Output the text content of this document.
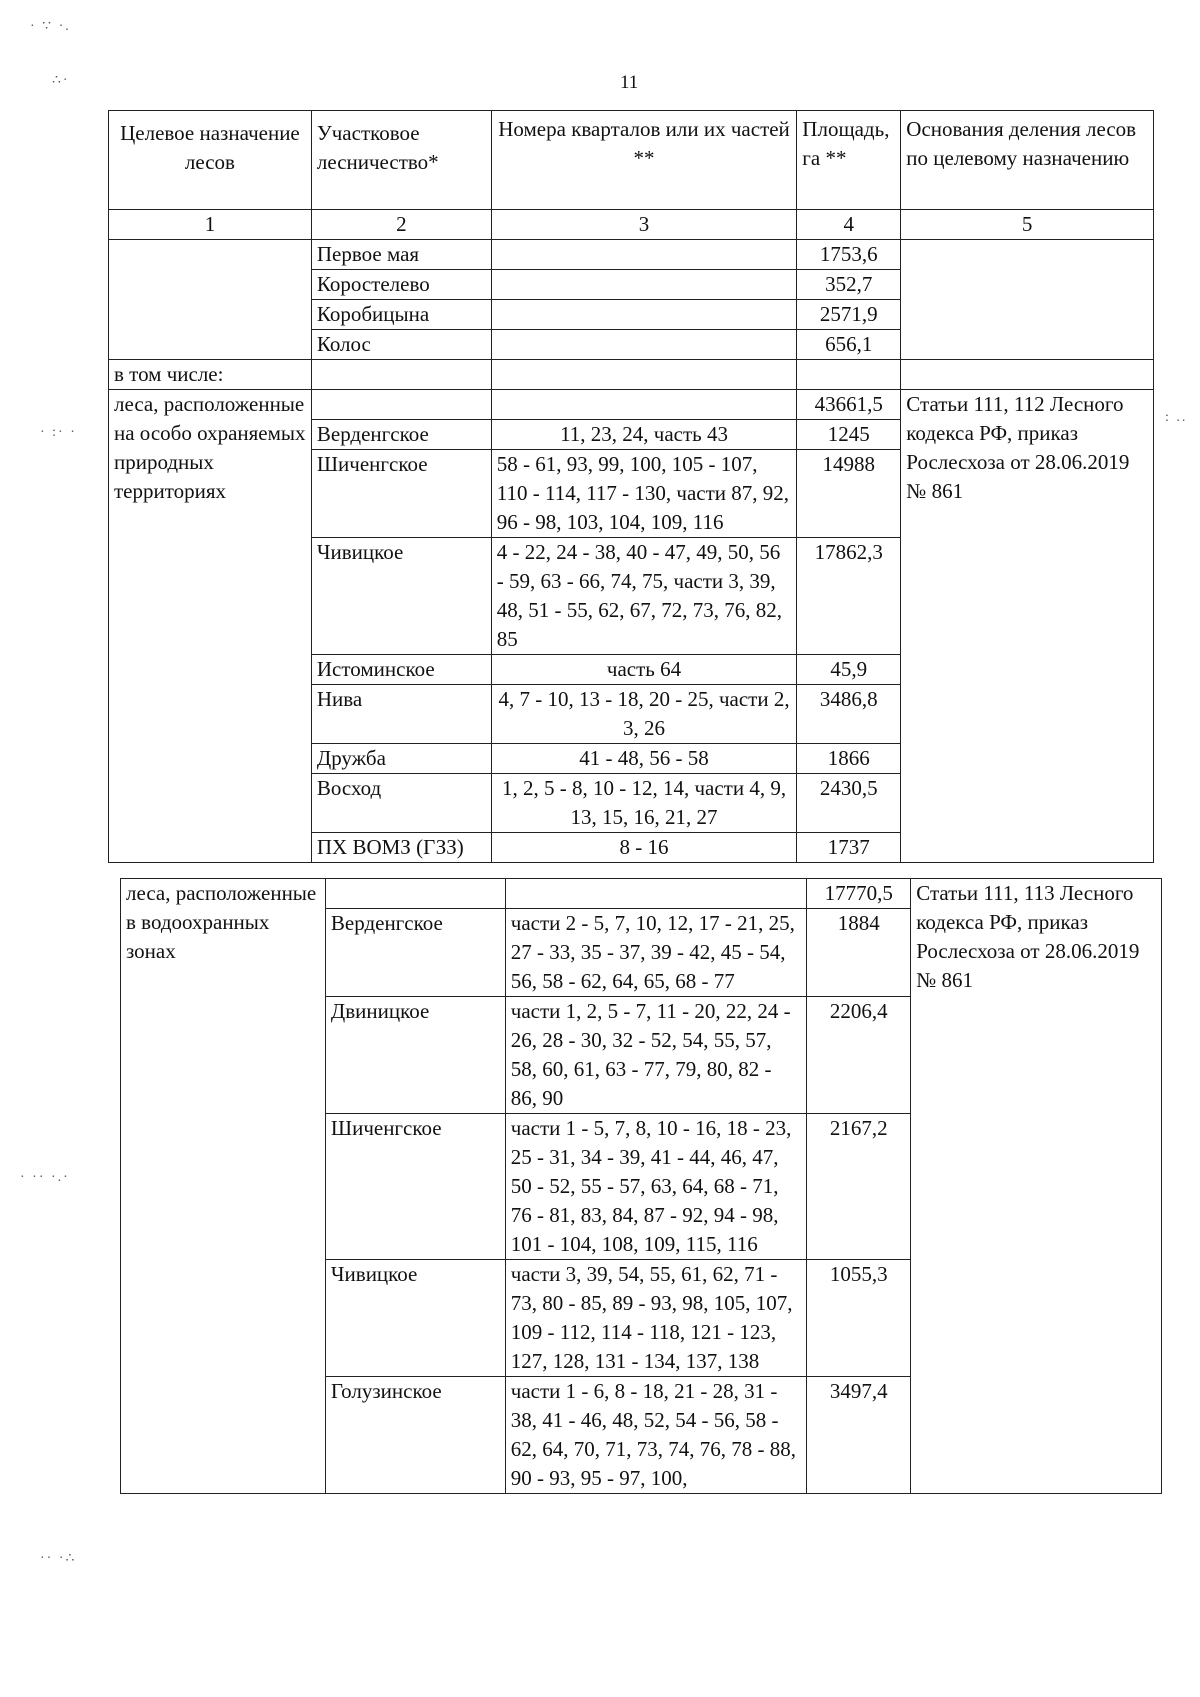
11
· ∵ ·.
∴·
· :· ·
· ·· ·.·
·· ·∴
: ..
Целевое назначение лесов	Участковое лесничество*	Номера кварталов или их частей **	Площадь, га **	Основания деления лесов по целевому назначению
1	2	3	4	5
	Первое мая		1753,6	
	Коростелево		352,7	
	Коробицына		2571,9	
	Колос		656,1	
в том числе:				
леса, расположенные на особо охраняемых природных территориях			43661,5	Статьи 111, 112 Лесного кодекса РФ, приказ Рослесхоза от 28.06.2019 № 861
	Верденгское	11, 23, 24, часть 43	1245	
	Шиченгское	58 - 61, 93, 99, 100, 105 - 107, 110 - 114, 117 - 130, части 87, 92, 96 - 98, 103, 104, 109, 116	14988	
	Чивицкое	4 - 22, 24 - 38, 40 - 47, 49, 50, 56 - 59, 63 - 66, 74, 75, части 3, 39, 48, 51 - 55, 62, 67, 72, 73, 76, 82, 85	17862,3	
	Истоминское	часть 64	45,9	
	Нива	4, 7 - 10, 13 - 18, 20 - 25, части 2, 3, 26	3486,8	
	Дружба	41 - 48, 56 - 58	1866	
	Восход	1, 2, 5 - 8, 10 - 12, 14, части 4, 9, 13, 15, 16, 21, 27	2430,5	
	ПХ ВОМЗ (ГЗЗ)	8 - 16	1737	
леса, расположенные в водоохранных зонах			17770,5	Статьи 111, 113 Лесного кодекса РФ, приказ Рослесхоза от 28.06.2019 № 861
	Верденгское	части 2 - 5, 7, 10, 12, 17 - 21, 25, 27 - 33, 35 - 37, 39 - 42, 45 - 54, 56, 58 - 62, 64, 65, 68 - 77	1884	
	Двиницкое	части 1, 2, 5 - 7, 11 - 20, 22, 24 - 26, 28 - 30, 32 - 52, 54, 55, 57, 58, 60, 61, 63 - 77, 79, 80, 82 - 86, 90	2206,4	
	Шиченгское	части 1 - 5, 7, 8, 10 - 16, 18 - 23, 25 - 31, 34 - 39, 41 - 44, 46, 47, 50 - 52, 55 - 57, 63, 64, 68 - 71, 76 - 81, 83, 84, 87 - 92, 94 - 98, 101 - 104, 108, 109, 115, 116	2167,2	
	Чивицкое	части 3, 39, 54, 55, 61, 62, 71 - 73, 80 - 85, 89 - 93, 98, 105, 107, 109 - 112, 114 - 118, 121 - 123, 127, 128, 131 - 134, 137, 138	1055,3	
	Голузинское	части 1 - 6, 8 - 18, 21 - 28, 31 - 38, 41 - 46, 48, 52, 54 - 56, 58 - 62, 64, 70, 71, 73, 74, 76, 78 - 88, 90 - 93, 95 - 97, 100,	3497,4	
